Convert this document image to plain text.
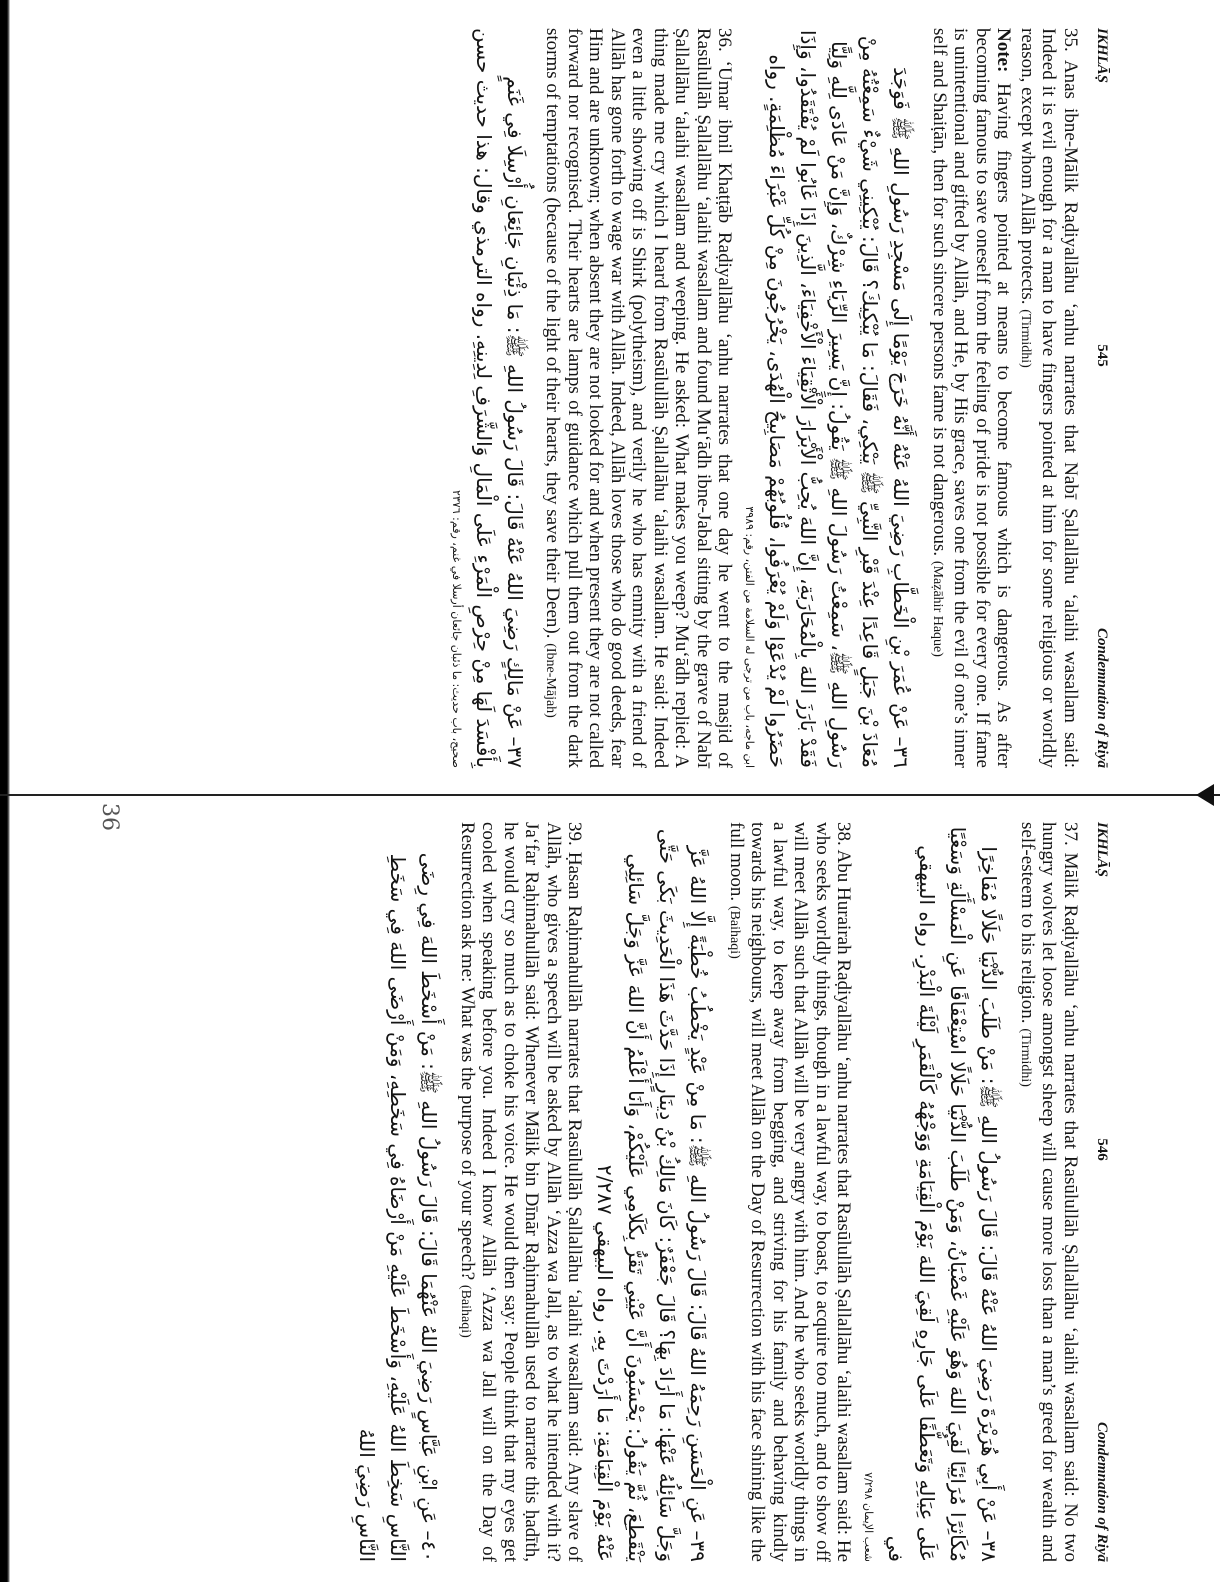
36
IKHLĀṢ
545
Condemnation of Riyā

35. Anas ibne-Mālik Raḍiyallāhu ‘anhu narrates that Nabī Ṣallallāhu ‘alaihi wasallam said: Indeed it is evil enough for a man to have fingers pointed at him for some religious or worldly reason, except whom Allāh protects. (Tirmidhi)
Note: Having fingers pointed at means to become famous which is dangerous. As after becoming famous to save oneself from the feeling of pride is not possible for every one. If fame is unintentional and gifted by Allāh, and He, by His grace, saves one from the evil of one’s inner self and Shaiṭān, then for such sincere persons fame is not dangerous. (Maẓāhir Haque)

٣٦– عَنْ عُمَرَ بْنِ الْخَطَّابِ رَضِيَ اللهُ عَنْهُ أَنَّهُ خَرَجَ يَوْمًا إِلَى مَسْجِدِ رَسُولِ اللهِ ﷺ فَوَجَدَ مُعَاذَ بْنَ جَبَلٍ قَاعِدًا عِنْدَ قَبْرِ النَّبِيِّ ﷺ يَبْكِي، فَقَالَ: مَا يُبْكِيكَ؟ قَالَ: يُبْكِينِي شَيْءٌ سَمِعْتُهُ مِنْ رَسُولِ اللهِ ﷺ، سَمِعْتُ رَسُولَ اللهِ ﷺ يَقُولُ: إِنَّ يَسِيرَ الرِّيَاءِ شِرْكٌ، وَإِنَّ مَنْ عَادَى لِلَّهِ وَلِيًّا فَقَدْ بَارَزَ اللهَ بِالْمُحَارَبَةِ، إِنَّ اللهَ يُحِبُّ الْأَبْرَارَ الْأَتْقِيَاءَ الْأَخْفِيَاءَ، الَّذِينَ إِذَا غَابُوا لَمْ يُفْتَقَدُوا، وَإِذَا حَضَرُوا لَمْ يُدْعَوْا وَلَمْ يُعْرَفُوا، قُلُوبُهُمْ مَصَابِيحُ الْهُدَى، يَخْرُجُونَ مِنْ كُلِّ غَبْرَاءَ مُظْلِمَةٍ. رواه

ابن ماجه، باب من ترجى له السلامة من الفتن، رقم: ٣٩٨٩

36. ‘Umar ibnil Khaṭṭāb Raḍiyallāhu ‘anhu narrates that one day he went to the masjid of Rasūlullāh Ṣallallāhu ‘alaihi wasallam and found Mu‘ādh ibne-Jabal sitting by the grave of Nabī Ṣallallāhu ‘alaihi wasallam and weeping. He asked: What makes you weep? Mu‘ādh replied: A thing made me cry which I heard from Rasūlullāh Ṣallallāhu ‘alaihi wasallam. He said: Indeed even a little showing off is Shirk (polytheism), and verily he who has enmity with a friend of Allāh has gone forth to wage war with Allāh. Indeed, Allāh loves those who do good deeds, fear Him and are unknown; when absent they are not looked for and when present they are not called forward nor recognised. Their hearts are lamps of guidance which pull them out from the dark storms of temptations (because of the light of their hearts, they save their Deen). (Ibne-Mājah)

٣٧– عَنْ مَالِكٍ رَضِيَ اللهُ عَنْهُ قَالَ: قَالَ رَسُولُ اللهِ ﷺ: مَا ذِئْبَانِ جَائِعَانِ أُرْسِلَا فِي غَنَمٍ بِأَفْسَدَ لَهَا مِنْ حِرْصِ الْمَرْءِ عَلَى الْمَالِ وَالشَّرَفِ لِدِينِهِ. رواه الترمذي وقال: هذا حديث حسن

صحيح، باب حديث: ما ذئبان جائعان أرسلا في غنم، رقم: ٢٣٧٦

IKHLĀṢ
546
Condemnation of Riyā

37. Mālik Raḍiyallāhu ‘anhu narrates that Rasūlullāh Ṣallallāhu ‘alaihi wasallam said: No two hungry wolves let loose amongst sheep will cause more loss than a man’s greed for wealth and self-esteem to his religion. (Tirmidhi)

٣٨– عَنْ أَبِي هُرَيْرَةَ رَضِيَ اللهُ عَنْهُ قَالَ: قَالَ رَسُولُ اللهِ ﷺ: مَنْ طَلَبَ الدُّنْيَا حَلَالًا مُفَاخِرًا مُكَاثِرًا مُرَائِيًا لَقِيَ اللهَ وَهُوَ عَلَيْهِ غَضْبَانُ، وَمَنْ طَلَبَ الدُّنْيَا حَلَالًا اسْتِعْفَافًا عَنِ الْمَسْأَلَةِ وَسَعْيًا عَلَى عِيَالِهِ وَتَعَطُّفًا عَلَى جَارِهِ لَقِيَ اللهَ يَوْمَ الْقِيَامَةِ وَوَجْهُهُ كَالْقَمَرِ لَيْلَةَ الْبَدْرِ. رواه البيهقي في

شعب الإيمان ٧/٢٩٨

38. Abu Hurairah Raḍiyallāhu ‘anhu narrates that Rasūlullāh Ṣallallāhu ‘alaihi wasallam said: He who seeks worldly things, though in a lawful way, to boast, to acquire too much, and to show off will meet Allāh such that Allāh will be very angry with him. And he who seeks worldly things in a lawful way, to keep away from begging, and striving for his family and behaving kindly towards his neighbours, will meet Allāh on the Day of Resurrection with his face shining like the full moon. (Baihaqi)

٣٩– عَنِ الْحَسَنِ رَحِمَهُ اللهُ قَالَ: قَالَ رَسُولُ اللهِ ﷺ: مَا مِنْ عَبْدٍ يَخْطُبُ خُطْبَةً إِلَّا اللهُ عَزَّ وَجَلَّ سَائِلُهُ عَنْهَا: مَا أَرَادَ بِهَا؟ قَالَ جَعْفَرٌ: كَانَ مَالِكُ بْنُ دِينَارٍ إِذَا حَدَّثَ هَذَا الْحَدِيثَ بَكَى حَتَّى يَنْقَطِعَ، ثُمَّ يَقُولُ: يَحْسَبُونَ أَنَّ عَيْنِي تَقَرُّ بِكَلَامِي عَلَيْكُمْ، وَأَنَا أَعْلَمُ أَنَّ اللهَ عَزَّ وَجَلَّ سَائِلِي عَنْهُ يَوْمَ الْقِيَامَةِ: مَا أَرَدْتَ بِهِ. رواه البيهقي ٢/٢٨٧

39. Ḥasan Raḥimahullāh narrates that Rasūlullāh Ṣallallāhu ‘alaihi wasallam said: Any slave of Allāh, who gives a speech will be asked by Allāh ‘Azza wa Jall, as to what he intended with it? Ja‘far Raḥimahullāh said: Whenever Mālik bin Dīnār Raḥimahullāh used to narrate this ḥadīth, he would cry so much as to choke his voice. He would then say: People think that my eyes get cooled when speaking before you. Indeed I know Allāh ‘Azza wa Jall will on the Day of Resurrection ask me: What was the purpose of your speech? (Baihaqi)

٤٠– عَنِ ابْنِ عَبَّاسٍ رَضِيَ اللهُ عَنْهُمَا قَالَ: قَالَ رَسُولُ اللهِ ﷺ: مَنْ أَسْخَطَ اللهَ فِي رِضَى النَّاسِ سَخِطَ اللهُ عَلَيْهِ، وَأَسْخَطَ عَلَيْهِ مَنْ أَرْضَاهُ فِي سَخَطِهِ، وَمَنْ أَرْضَى اللهَ فِي سَخَطِ النَّاسِ رَضِيَ اللهُ
